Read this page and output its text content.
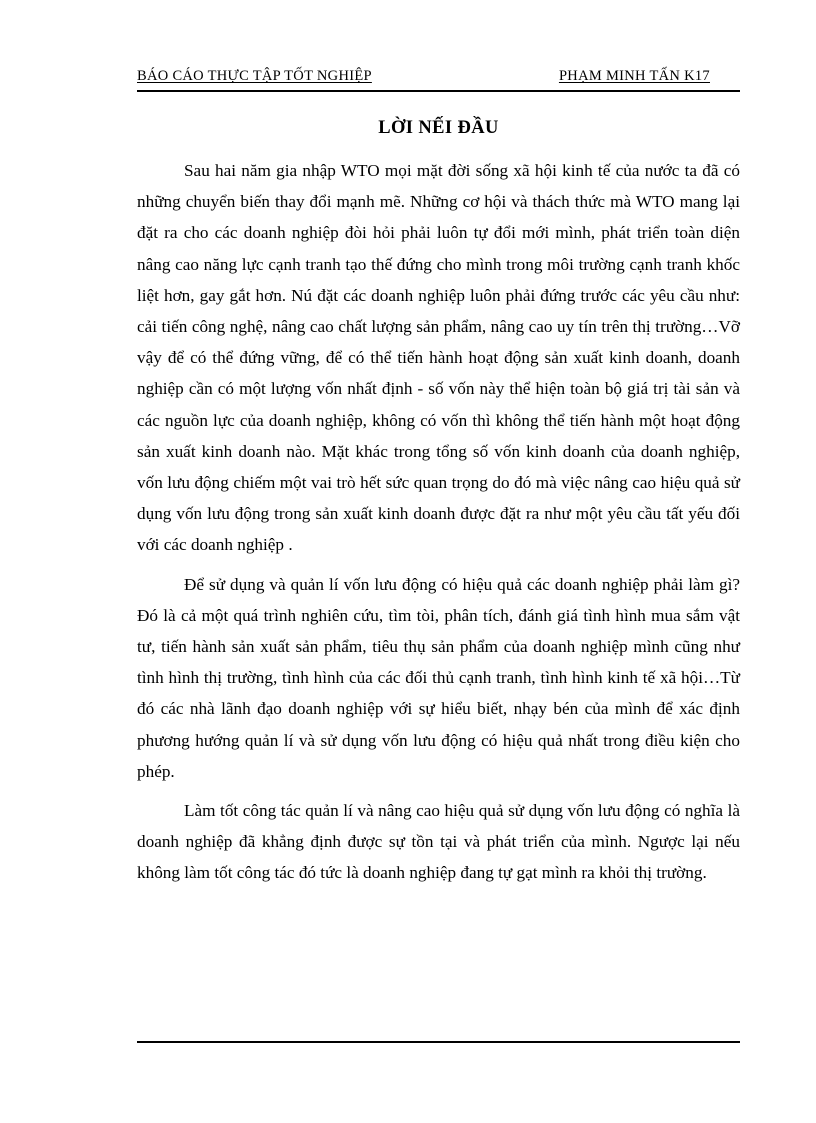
BÁO CÁO THỰC TẬP TỐT NGHIỆP	PHẠM MINH TẤN K17
LỜI NẾI ĐẦU

Sau hai năm gia nhập WTO mọi mặt đời sống xã hội kinh tế của nước ta đã có những chuyển biến thay đổi mạnh mẽ. Những cơ hội và thách thức mà WTO mang lại đặt ra cho các doanh nghiệp đòi hỏi phải luôn tự đổi mới mình, phát triển toàn diện nâng cao năng lực cạnh tranh tạo thế đứng cho mình trong môi trường cạnh tranh khốc liệt hơn, gay gắt hơn. Nú đặt các doanh nghiệp luôn phải đứng trước các yêu cầu như: cải tiến công nghệ, nâng cao chất lượng sản phẩm, nâng cao uy tín trên thị trường…Vỡ vậy để có thể đứng vững, để có thể tiến hành hoạt động sản xuất kinh doanh, doanh nghiệp cần có một lượng vốn nhất định - số vốn này thể hiện toàn bộ giá trị tài sản và các nguồn lực của doanh nghiệp, không có vốn thì không thể tiến hành một hoạt động sản xuất kinh doanh nào. Mặt khác trong tổng số vốn kinh doanh của doanh nghiệp, vốn lưu động chiếm một vai trò hết sức quan trọng do đó mà việc nâng cao hiệu quả sử dụng vốn lưu động trong sản xuất kinh doanh được đặt ra như một yêu cầu tất yếu đối với các doanh nghiệp .

Để sử dụng và quản lí vốn lưu động có hiệu quả các doanh nghiệp phải làm gì? Đó là cả một quá trình nghiên cứu, tìm tòi, phân tích, đánh giá tình hình mua sắm vật tư, tiến hành sản xuất sản phẩm, tiêu thụ sản phẩm của doanh nghiệp mình cũng như tình hình thị trường, tình hình của các đối thủ cạnh tranh, tình hình kinh tế xã hội…Từ đó các nhà lãnh đạo doanh nghiệp với sự hiểu biết, nhạy bén của mình để xác định phương hướng quản lí và sử dụng vốn lưu động có hiệu quả nhất trong điều kiện cho phép.

Làm tốt công tác quản lí và nâng cao hiệu quả sử dụng vốn lưu động có nghĩa là doanh nghiệp đã khẳng định được sự tồn tại và phát triển của mình. Ngược lại nếu không làm tốt công tác đó tức là doanh nghiệp đang tự gạt mình ra khỏi thị trường.
